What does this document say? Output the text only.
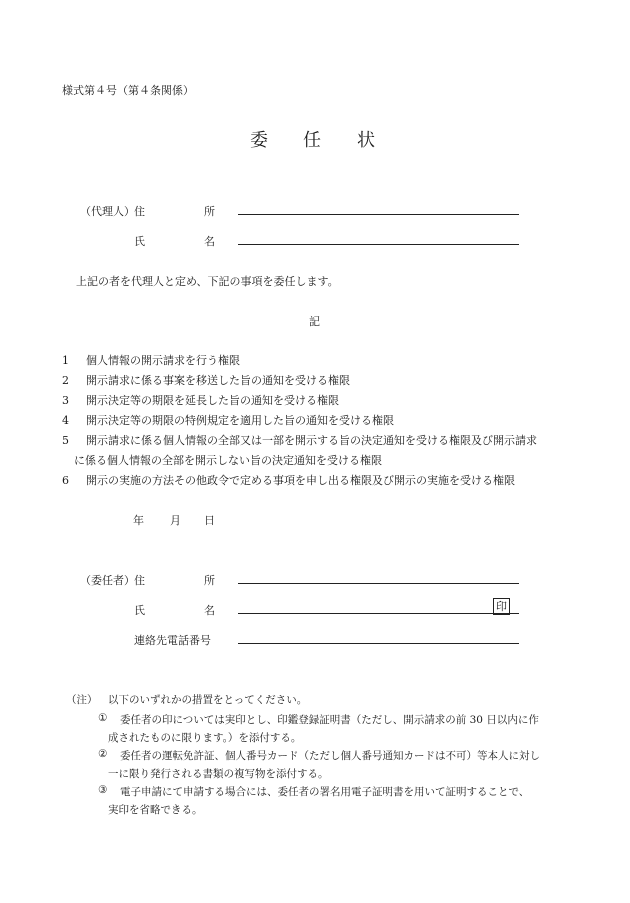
様式第４号（第４条関係）
委 任 状
（代理人） 住	所
氏	名
上記の者を代理人と定め、下記の事項を委任します。
記
1 個人情報の開示請求を行う権限
2 開示請求に係る事案を移送した旨の通知を受ける権限
3 開示決定等の期限を延長した旨の通知を受ける権限
4 開示決定等の期限の特例規定を適用した旨の通知を受ける権限
5 開示請求に係る個人情報の全部又は一部を開示する旨の決定通知を受ける権限及び開示請求
に係る個人情報の全部を開示しない旨の決定通知を受ける権限
6 開示の実施の方法その他政令で定める事項を申し出る権限及び開示の実施を受ける権限
年 月 日
（委任者） 住	所
氏	名	印
連絡先電話番号
（注） 以下のいずれかの措置をとってください。
① 委任者の印については実印とし、印鑑登録証明書（ただし、開示請求の前 30 日以内に作
成されたものに限ります。）を添付する。
② 委任者の運転免許証、個人番号カード（ただし個人番号通知カードは不可）等本人に対し
一に限り発行される書類の複写物を添付する。
③ 電子申請にて申請する場合には、委任者の署名用電子証明書を用いて証明することで、
実印を省略できる。
